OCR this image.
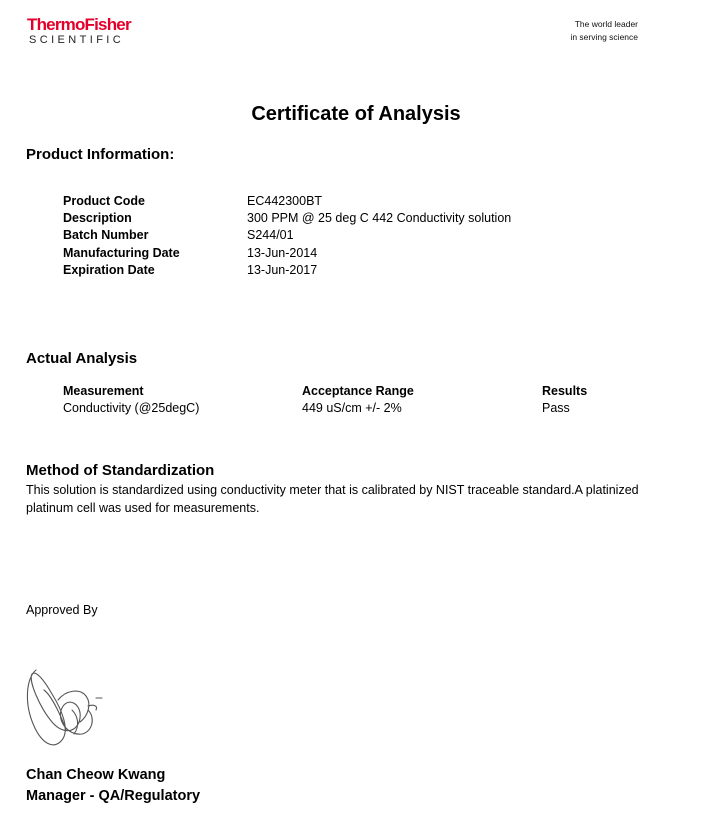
ThermoFisher
SCIENTIFIC
The world leader
in serving science
Certificate of Analysis
Product Information:
Product Code	EC442300BT
Description	300 PPM @ 25 deg C 442 Conductivity solution
Batch Number	S244/01
Manufacturing Date	13-Jun-2014
Expiration Date	13-Jun-2017
Actual Analysis
Measurement	Acceptance Range	Results
Conductivity (@25degC)	449 uS/cm +/- 2%	Pass
Method of Standardization
This solution is standardized using conductivity meter that is calibrated by NIST traceable standard.A platinized platinum cell was used for measurements.
Approved By
Chan Cheow Kwang
Manager - QA/Regulatory
